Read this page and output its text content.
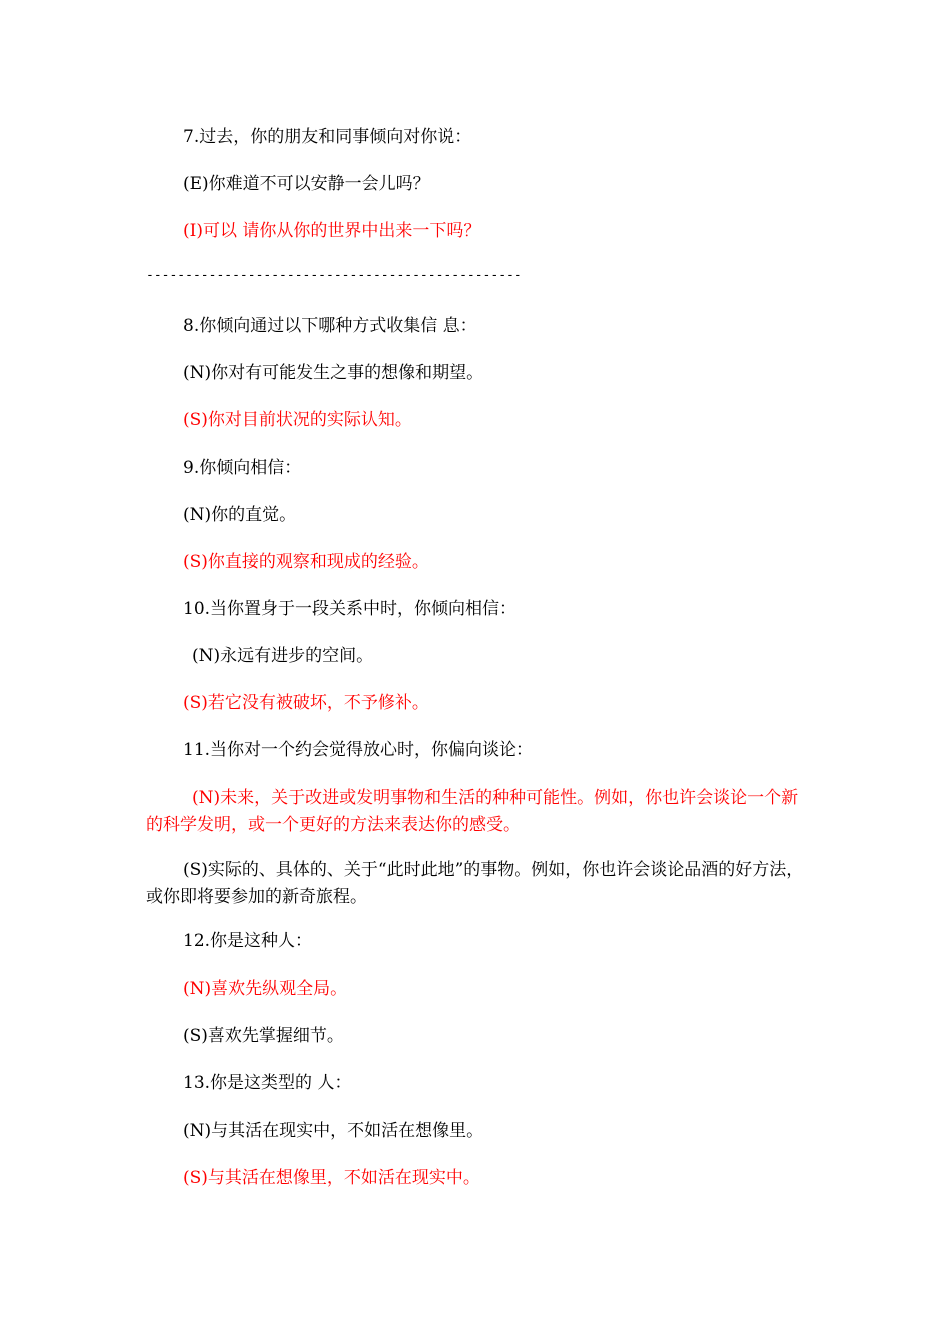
7.过去，你的朋友和同事倾向对你说：
(E)你难道不可以安静一会儿吗？
(I)可以 请你从你的世界中出来一下吗？
------------------------------------------------
8.你倾向通过以下哪种方式收集信 息：
(N)你对有可能发生之事的想像和期望。
(S)你对目前状况的实际认知。
9.你倾向相信：
(N)你的直觉。
(S)你直接的观察和现成的经验。
10.当你置身于一段关系中时，你倾向相信：
(N)永远有进步的空间。
(S)若它没有被破坏，不予修补。
11.当你对一个约会觉得放心时，你偏向谈论：
(N)未来，关于改进或发明事物和生活的种种可能性。例如，你也许会谈论一个新的科学发明，或一个更好的方法来表达你的感受。
(S)实际的、具体的、关于“此时此地”的事物。例如，你也许会谈论品酒的好方法，或你即将要参加的新奇旅程。
12.你是这种人：
(N)喜欢先纵观全局。
(S)喜欢先掌握细节。
13.你是这类型的 人：
(N)与其活在现实中，不如活在想像里。
(S)与其活在想像里，不如活在现实中。
